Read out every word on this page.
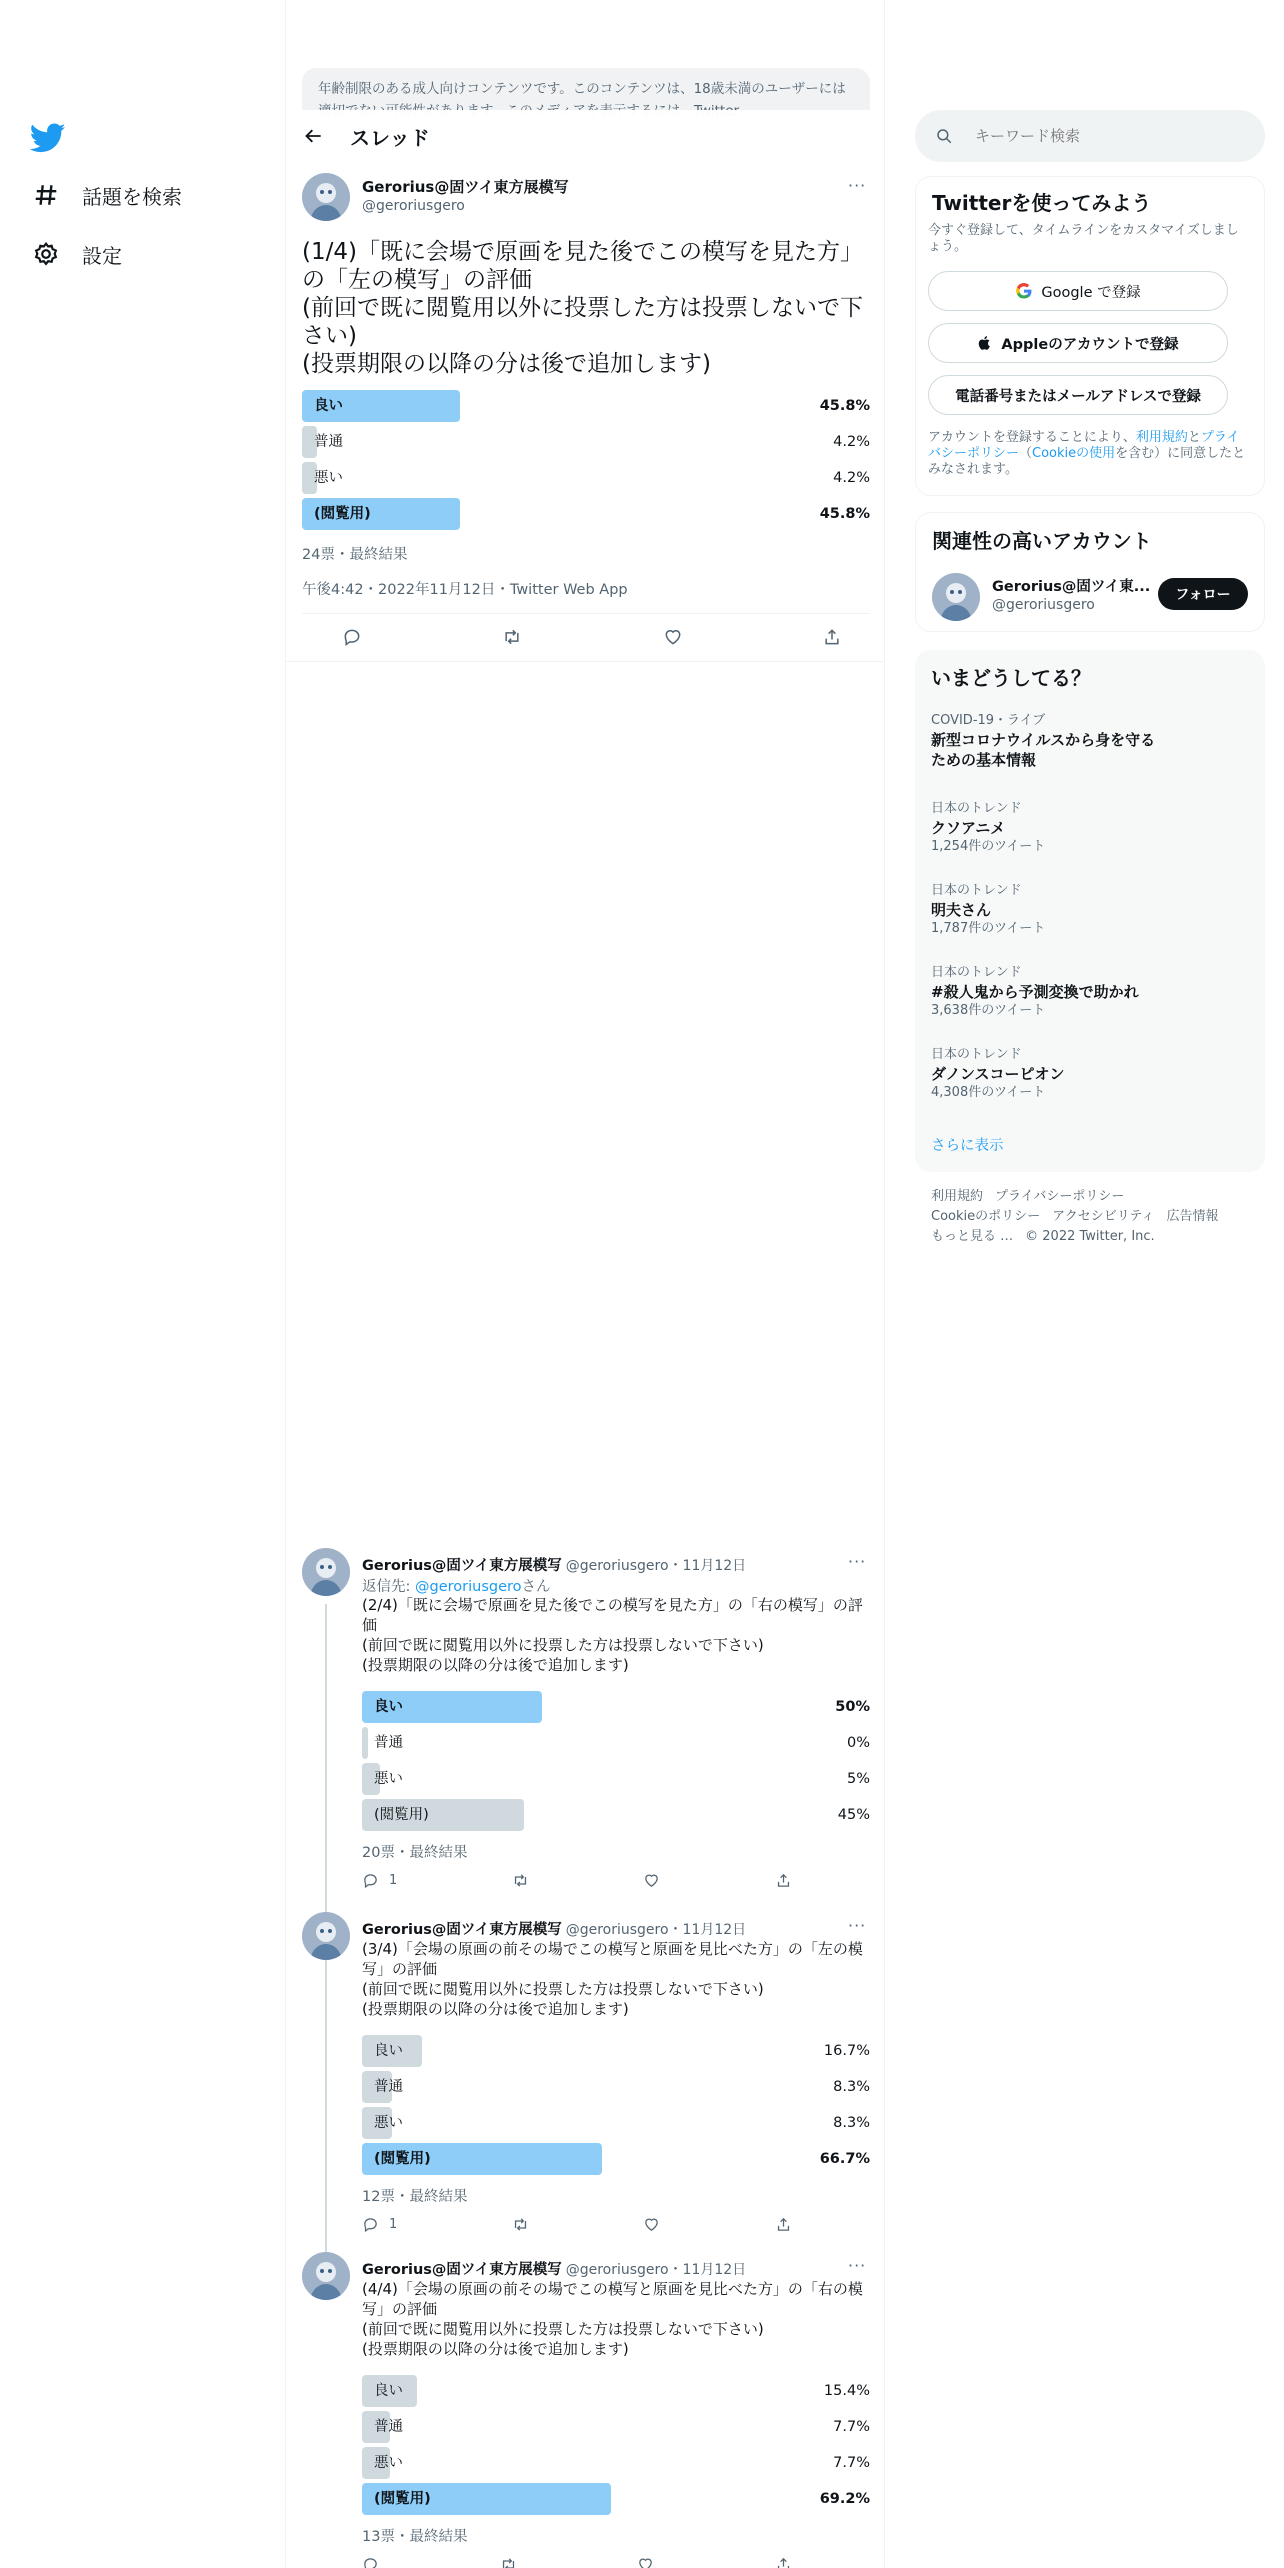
話題を検索
設定
年齢制限のある成人向けコンテンツです。このコンテンツは、18歳未満のユーザーには
スレッド
Gerorius@固ツイ東方展模写
@geroriusgero
···
(1/4)「既に会場で原画を見た後でこの模写を見た方」の「左の模写」の評価
(前回で既に閲覧用以外に投票した方は投票しないで下さい)
(投票期限の以降の分は後で追加します)
良い	45.8%
普通	4.2%
悪い	4.2%
(閲覧用)	45.8%
24票・最終結果
午後4:42・2022年11月12日・Twitter Web App
Gerorius@固ツイ東方展模写 @geroriusgero・11月12日	···
返信先: @geroriusgeroさん
(2/4)「既に会場で原画を見た後でこの模写を見た方」の「右の模写」の評価
(前回で既に閲覧用以外に投票した方は投票しないで下さい)
(投票期限の以降の分は後で追加します)
良い	50%
普通	0%
悪い	5%
(閲覧用)	45%
20票・最終結果
1
Gerorius@固ツイ東方展模写 @geroriusgero・11月12日	···
(3/4)「会場の原画の前その場でこの模写と原画を見比べた方」の「左の模写」の評価
(前回で既に閲覧用以外に投票した方は投票しないで下さい)
(投票期限の以降の分は後で追加します)
良い	16.7%
普通	8.3%
悪い	8.3%
(閲覧用)	66.7%
12票・最終結果
1
Gerorius@固ツイ東方展模写 @geroriusgero・11月12日	···
(4/4)「会場の原画の前その場でこの模写と原画を見比べた方」の「右の模写」の評価
(前回で既に閲覧用以外に投票した方は投票しないで下さい)
(投票期限の以降の分は後で追加します)
良い	15.4%
普通	7.7%
悪い	7.7%
(閲覧用)	69.2%
13票・最終結果
キーワード検索
Twitterを使ってみよう
今すぐ登録して、タイムラインをカスタマイズしましょう。
Google で登録
Appleのアカウントで登録
電話番号またはメールアドレスで登録
アカウントを登録することにより、利用規約とプライバシーポリシー（Cookieの使用を含む）に同意したとみなされます。
関連性の高いアカウント
Gerorius@固ツイ東...
@geroriusgero
フォロー
いまどうしてる？
COVID-19・ライブ
新型コロナウイルスから身を守るための基本情報
日本のトレンド
クソアニメ
1,254件のツイート
日本のトレンド
明夫さん
1,787件のツイート
日本のトレンド
#殺人鬼から予測変換で助かれ
3,638件のツイート
日本のトレンド
ダノンスコーピオン
4,308件のツイート
さらに表示
利用規約 プライバシーポリシー
Cookieのポリシー アクセシビリティ 広告情報
もっと見る … © 2022 Twitter, Inc.
